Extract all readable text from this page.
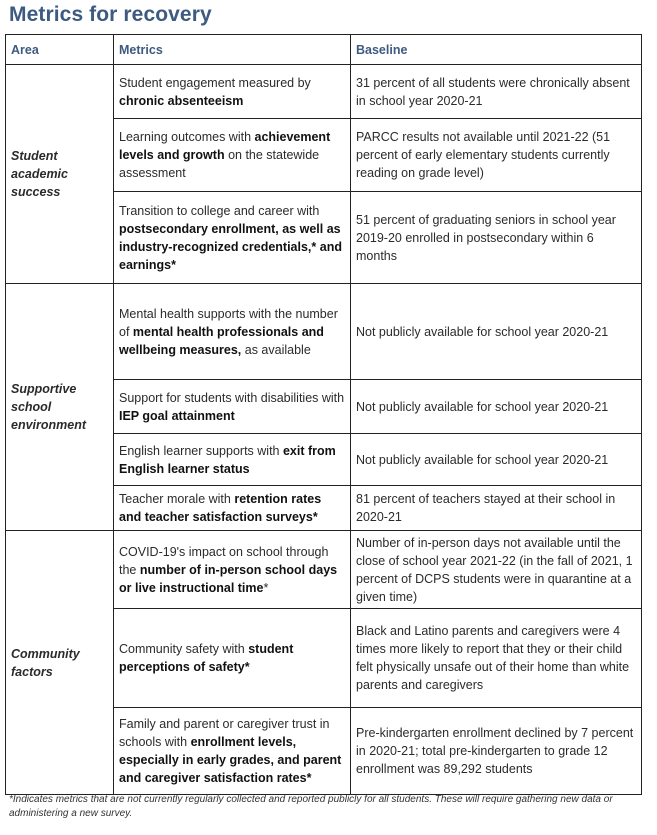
Metrics for recovery
Area	Metrics	Baseline
Student academic success	Student engagement measured by chronic absenteeism	31 percent of all students were chronically absent in school year 2020-21
	Learning outcomes with achievement levels and growth on the statewide assessment	PARCC results not available until 2021-22 (51 percent of early elementary students currently reading on grade level)
	Transition to college and career with postsecondary enrollment, as well as industry-recognized credentials,* and earnings*	51 percent of graduating seniors in school year 2019-20 enrolled in postsecondary within 6 months
Supportive school environment	Mental health supports with the number of mental health professionals and wellbeing measures, as available	Not publicly available for school year 2020-21
	Support for students with disabilities with IEP goal attainment	Not publicly available for school year 2020-21
	English learner supports with exit from English learner status	Not publicly available for school year 2020-21
	Teacher morale with retention rates and teacher satisfaction surveys*	81 percent of teachers stayed at their school in 2020-21
Community factors	COVID-19's impact on school through the number of in-person school days or live instructional time*	Number of in-person days not available until the close of school year 2021-22 (in the fall of 2021, 1 percent of DCPS students were in quarantine at a given time)
	Community safety with student perceptions of safety*	Black and Latino parents and caregivers were 4 times more likely to report that they or their child felt physically unsafe out of their home than white parents and caregivers
	Family and parent or caregiver trust in schools with enrollment levels, especially in early grades, and parent and caregiver satisfaction rates*	Pre-kindergarten enrollment declined by 7 percent in 2020-21; total pre-kindergarten to grade 12 enrollment was 89,292 students
*Indicates metrics that are not currently regularly collected and reported publicly for all students. These will require gathering new data or administering a new survey.
